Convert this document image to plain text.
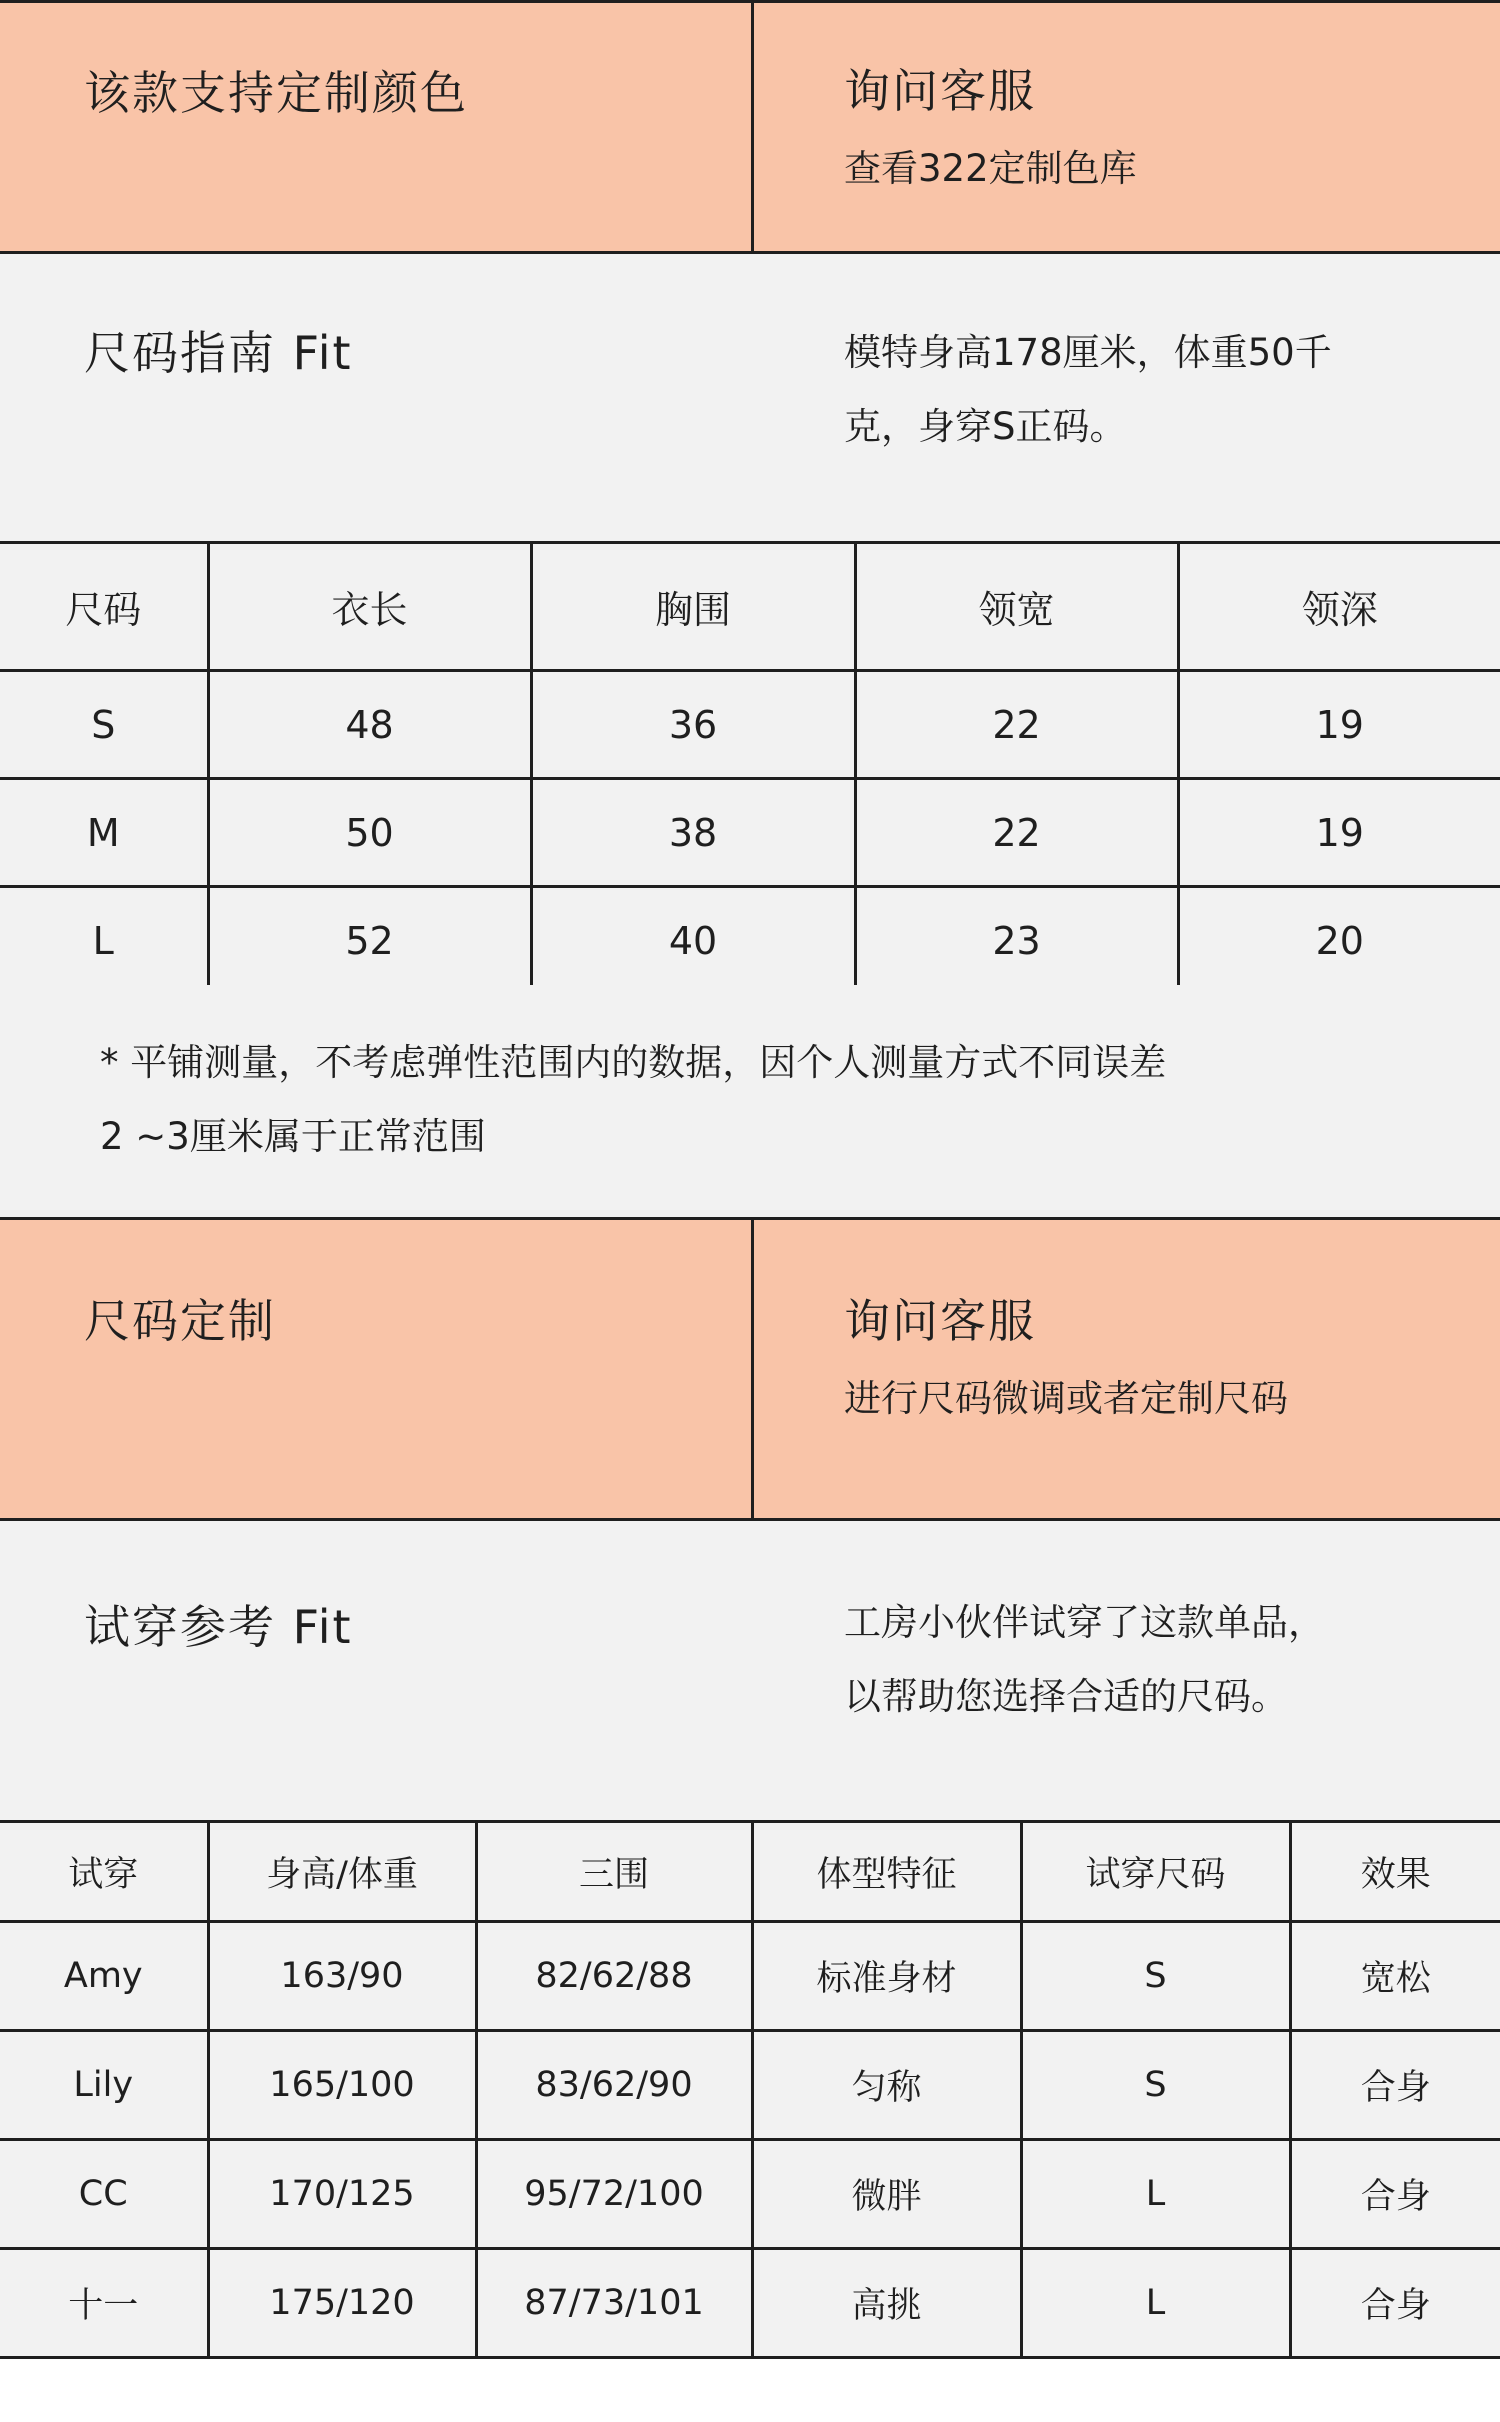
该款支持定制颜色	询问客服
查看322定制色库
尺码指南 Fit	模特身高178厘米，体重50千
克，身穿S正码。
尺码	衣长	胸围	领宽	领深
S	48	36	22	19
M	50	38	22	19
L	52	40	23	20
* 平铺测量，不考虑弹性范围内的数据，因个人测量方式不同误差
2 ~3厘米属于正常范围
尺码定制	询问客服
进行尺码微调或者定制尺码
试穿参考 Fit	工房小伙伴试穿了这款单品，
以帮助您选择合适的尺码。
试穿	身高/体重	三围	体型特征	试穿尺码	效果
Amy	163/90	82/62/88	标准身材	S	宽松
Lily	165/100	83/62/90	匀称	S	合身
CC	170/125	95/72/100	微胖	L	合身
十一	175/120	87/73/101	高挑	L	合身
